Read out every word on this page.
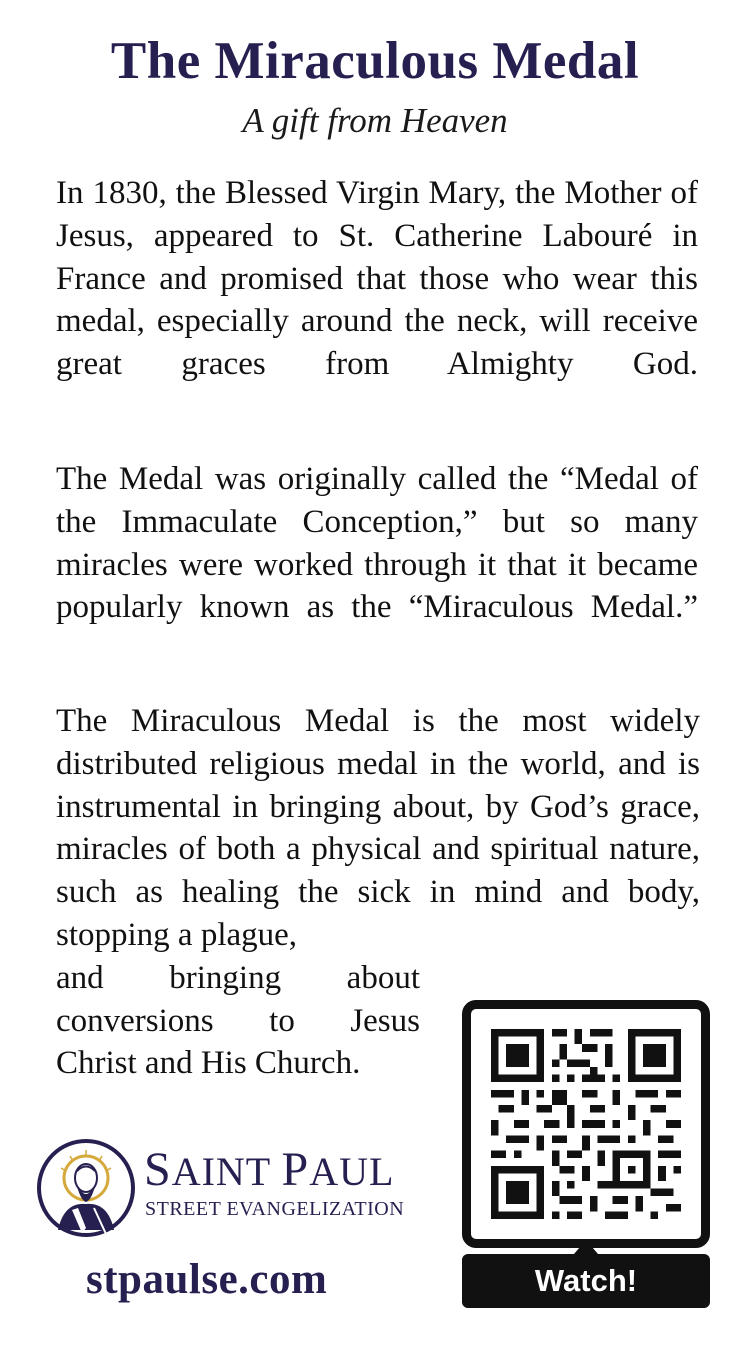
The Miraculous Medal
A gift from Heaven
In 1830, the Blessed Virgin Mary, the Mother of Jesus, appeared to St. Catherine Labouré in France and promised that those who wear this medal, especially around the neck, will receive great graces from Almighty God.
The Medal was originally called the “Medal of the Immaculate Conception,” but so many miracles were worked through it that it became popularly known as the “Miraculous Medal.”
The Miraculous Medal is the most widely distributed religious medal in the world, and is instrumental in bringing about, by God’s grace, miracles of both a physical and spiritual nature, such as healing the sick in mind and body, stopping a plague,
and bringing about conversions to Jesus
Christ and His Church.
SAINT PAUL
STREET EVANGELIZATION
stpaulse.com	Watch!
